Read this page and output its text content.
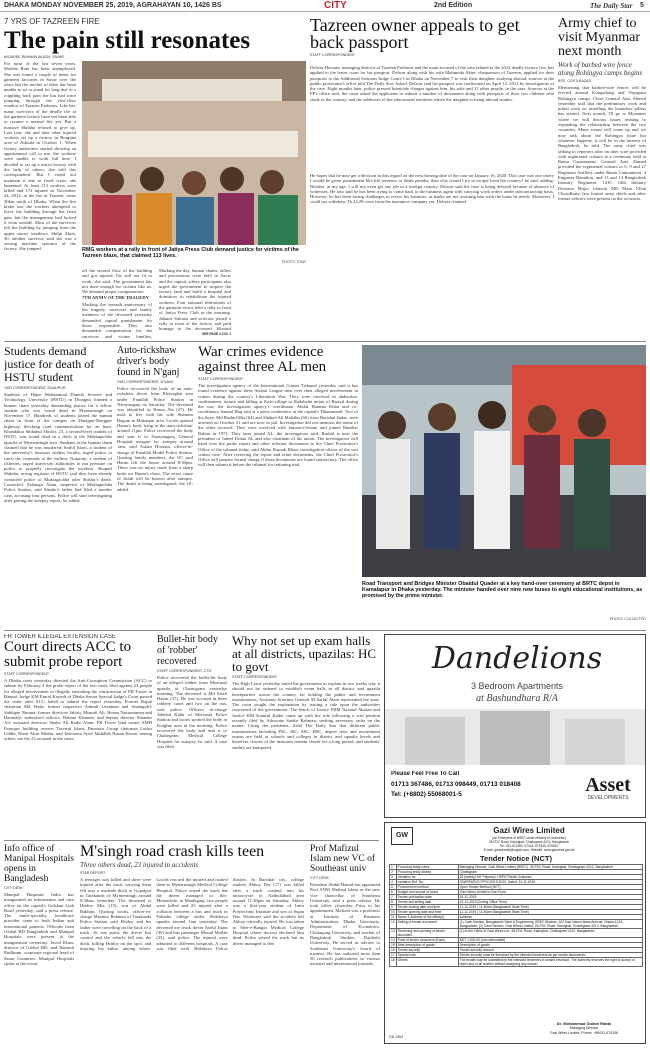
DHAKA MONDAY NOVEMBER 25, 2019, AGRAHAYAN 10, 1426 BS	CITY	2nd Edition	The Daily Star 5
7 YRS OF TAZREEN FIRE
The pain still resonates
ANJAREE RAHMAN AKASH, SAVAR
For most of the last seven years, Shobha Rani has been unemployed. She was found a couple of times for garment factories in Savar over the years but the mother of three has been unable to sit or stand for long due to a crippling back pain she has had since jumping through the first-floor window of Tazreen Fashions. Like her, many survivors of the deadly fire at the garment factory have not been able to resume a normal life yet. But a massive Shobha refused to give up. Last year, she and nine other injured workers set up a factory in Borguna area of Ashulia in October 1. When factory authorities started showing an appointment call to me, the workers were unable to work full time. I decided to set up a micro-factory with the help of others, she told this correspondent. But I could not maintain it due to fixed crisis, she lamented. At least 113 workers were killed and 172 injured on November 24, 2012, in the fire at Tazreen, some 30km north of Dhaka. When the fire broke out, the workers attempted to leave the building through the front gate, but the management had locked it from outside. Most of the survivors left the building by jumping from the upper storey windows. Shilpi Akter, 30, another survivor, said she was a sewing machine operator of the factory. She jumped	RMG workers at a rally in front of Jatiya Press Club demand justice for victims of the Tazreen blaze, that claimed 113 lives.
PHOTO: STAR
off the second floor of the building and got injured. I'm still not fit to work, she said. The government has not done enough for victims like us. We demand proper compensation.
7TH ANNIV OF THE TRAGEDY
Marking the seventh anniversary of the tragedy, survivors and family members of the deceased yesterday demanded capital punishment for those responsible. They also demanded compensation for the survivors and victim families,
Marking the day, human chains, rallies and processions were held in Savar and the capital, where participants also urged the government to acquire the factory land and build a hospital and dormitory to rehabilitate the injured workers. Four national federations of the garment sector held a rally in front of Jatiya Press Club in the morning. Jahanir Sultana and activists joined a rally in front of the factory and paid homage to the deceased. Khairul
SEE PAGE 2 COL 1
Tazreen owner appeals to get back passport
STAFF CORRESPONDENT
Delwar Hossain, managing director of Tazreen Fashions and the main accused of the case related to the 2012 deadly factory fire, has applied to the lower court for his passport. Delwar along with his wife Mahmuda Akter, chairperson of Tazreen, applied for their passports to the Additional Sessions Judge Court-1 in Dhaka on November 7 to visit their daughter studying abroad, sources at the public prosecutor's office told The Daily Star. Asked, Delwar said his passport was confiscated on April 12, 2013 by investigators of the case. Eight months later, police pressed homicide charges against him, his wife and 11 other people, in the case. Sources at the PP's office said, the court asked the applicants to submit a number of documents along with passports of their two children who study in the country, and the addresses of the educational institutes where the daughter is being abroad studies.
He hopes that he may get a decision in this regard on the next hearing date of the case on January 16, 2020. This case was one where I would be given punishment like life sentence or death penalty, then why would I try to escape from the country? he said, adding: Besides, at my age, I will not even get any job in a foreign country. Delwar said the case is being delayed because of absence of witnesses. He also said he has been trying to come back to the business again with carrying work orders under subcontracting basis. However, he has been facing challenges to revive his business, as banks are not assisting him with the loans he needs. Moreover, I could not withdraw Tk 24.28 crore from the insurance company yet, Delwar claimed.
Army chief to visit Myanmar next month
Work of barbed wire fence along Rohingya camps begins
BSS, COX'S BAZAR
Mentioning that barbed-wire fences will be erected around Kutupalong and Nayapara Rohingya camps, Chief General Aziz Ahmed yesterday said that the preliminary work and initial work on installing the boundary pillars has started. Next month, I'll go to Myanmar where we will discuss issues relating to expanding the relationship between the two countries. Many issues will come up and we may talk about the Rohingya issue but whatever happens, it will be in the interest of Bangladesh, he said. The army chief was talking to reporters after an inter wire provided with regimental colours at a ceremony held at Ramu Cantonment. General Aziz Ahmed provided the regimental colours to 6, 9 and 27 Regiment Artillery under Ramu Cantonment, 4 Engineer Battalion, and 13 and 14 Bangladesh Infantry Regiment. GOC 10th Infantry Division Major General MD Main Ullah Chowdhury, five former army chiefs and other former officers were present on the occasion.
Students demand justice for death of HSTU student
OUR CORRESPONDENT, DINAJPUR
Students of Hajee Mohammad Danesh Science and Technology University (HSTU) in Dinajpur formed a human chain yesterday demanding justice for a fellow student who was found dead in Mymensingh on November 17. Hundreds of students joined the human chain in front of the campus on Dinajpur-Rangpur highway, blocking road communication for an hour. Khandakar Shihabul Shishir, 23, a second-level student of HSTU, was found dead in a ditch at the Muktagachha upazila of Mymensingh area. Students at the human chain claimed that he was murdered. Saiful Islam, a student of the university's business studies faculty, urged police to catch the criminals at the earliest. Nutaroni, a student of fisheries, urged university authorities to put pressure on police to properly investigate the incident. Shopnil Shikdar, acting registrar of HSTU said they have already contacted police of Muktagachha after Shishir's death. Contacted, Zahangir Alam, inspector of Muktagachha Police Station, said Shishir's father had filed a murder case, accusing four persons. Police will start investigating after getting the autopsy report, he added.
Auto-rickshaw driver's body found in N'ganj
OUR CORRESPONDENT, N'GANJ
Police recovered the body of an auto-rickshaw driver from Khayaghat area under Fatullah Police Station in Narayanganj on Saturday. The deceased was identified as Harun Ala (27). He used to live with his wife Shamim Begum in Mukarpur area. Locals spotted Harun's body lying in the auto-rickshaw around 11pm. Police recovered the body and sent it to Narayanganj General Hospital morgue for autopsy around 1am, said Aslam Hossain, officer-in-charge of Fatullah Model Police Station. Quoting family members, the OC said Harun left the house around 8:30pm. There was no injury mark from a sharp knife on Harun's chest. The exact cause of death will be known after autopsy. The death is being investigated, the OC added.
War crimes evidence against three AL men
STAFF CORRESPONDENT
The investigation agency of the International Crimes Tribunal yesterday said it has found evidence against three Awami League men over their alleged involvement in crimes during the country's Liberation War. They were involved in abduction, confinement, torture and killing at Kala village in Jhalokathi union of Barisal during the war, the investigation agency's coordinator Abdul Hannan Khan and co-coordinator Sanaul Haq said at a press conference at the capital's Dhanmondi. Two of the three, Md Rashid Mia (64) and Shahed Ali Malidha (66) from Barishal Sadar, were arrested on October 21 and are now in jail. Investigation did not mention the name of the other accused. They were involved with Jamaat-e-Islami and joined Razakar Bahini in 1971. They later joined AL, the investigators said. Rashid is now the president of Jaheel Dulan AL and also chairman of the union. The investigators will hand over the probe report and other relevant documents to the Chief Prosecutor's Office of the tribunal today, said Abdur Razzak Khan, investigation officer of the war crimes case. After receiving the report and other documents, the Chief Prosecutor's Office will prepare formal charge if those documents are found satisfactory. The office will then submit it before the tribunal for initiating trial.
Road Transport and Bridges Minister Obaidul Quader at a key hand-over ceremony at BRTC depot in Kamalapur in Dhaka yesterday. The minister handed over nine new buses to eight educational institutions, as promised by the prime minister.
PHOTO: COLLECTED
FR TOWER ILLEGAL EXTENSION CASE
Court directs ACC to submit probe report
STAFF CORRESPONDENT
A Dhaka court yesterday directed the Anti-Corruption Commission (ACC) to submit by February 4 the probe report of the two cases filed against 23 people for alleged involvement in illegally extending the construction of FR Tower in Banani. Judge KM Emrul Kayesh of Dhaka Senior Special Judge's Court passed the order after ACC failed to submit the report yesterday. Former Rajuk chairman Md Huda; former inspectors Aahsah Uzzaman and Anamgolil; Siddique Nurana, former directors Jahiru, Mustafi Ali, Hosen Nuruzzaman and Haomafy; authorised officers, Rubina Khanam, and deputy director Shandar Ali; assistant directors Shahz Ali Kadir Alam; FR Tower land owner SMH Faruque; building owners Tasvirul Islam, Pamoura Group chairman Lutfur Uddin, Khair Alias Miditu, and Tasloonra Syed Abdullah Husan Hasan, among others, are the 23 accused in the cases.
Bullet-hit body of 'robber' recovered
STAFF CORRESPONDENT, CTG
Police recovered the bullet-hit body of an alleged robber from Meorasai upazila of Chattogram yesterday morning. The deceased is Md Saied Hasan (37). He was accused in three robbery cases and two on the run, said police. Officers in-charge Jahedul Kabir of Meorasai Police Station and locals spotted the body at Kolghar area in the morning. Police recovered the body and sent it to Chattogram Medical College Hospital for autopsy, he said. A case was filed.
Why not set up exam halls at all districts, upazilas: HC to govt
STAFF CORRESPONDENT
The High Court yesterday asked the government to explain in two weeks why it should not be ordered to establish exam halls in all district and upazila headquarters across the country for holding the public and recruitment examinations. Assistant Attorney General M Saiful Alam represented the state. The court sought the explanation by issuing a rule upon the authorities concerned of the government. The bench of Justice FRM Nazmul Ahasan and Justice KM Kamrul Kader came up with the rule following a writ petition recently filed by Advocate Saidur Rahman, seeking necessary order on the matter. Citing the problems, Zalal The Daily Star that different public examinations including PSC, JSC, SSC, HSC, degree tests and recruitment exams are held at schools and colleges in district and upazila levels and therefore classes of the institutes remain closed for a long period, and students' studies are hampered.
Dandelions
3 Bedroom Apartments
at Bashundhara R/A
Please Feel Free To Call
01713 367486, 01713 098449, 01713 018408
Tel: (+8802) 55068001-5	Asset
DEVELOPMENTS
Info office of Manipal Hospitals opens in Bangladesh
CITY DESK
Manipal Hospitals India has inaugurated its information and care office on the capital's Gulshan Link Road yesterday, said a press release. The multi-specialty healthcare provider came to both Indian and international patients. Officials from Global BD Bangladesh and Manipal Hospitals were present at the inauguration ceremony. Javed Khan, director of Global BD, and Ramesh Rudhrum, corporate regional head of Saaru Countries, Manipal Hospitals spoke at the event.
M'singh road crash kills teen
Three others dead, 23 injured in accidents
STAR REPORT
A teenager was killed and three were injured after the truck carrying them fell into a roadside ditch at Gopalpur in Tarakanda of Mymensingh around 9:30am yesterday. The deceased is Hridoy Mia (15), son of Abdul Rakhim. Quoting locals, officer-in-charge Mizanur Rahman of Tarakanda Police Station said Hridoy and his father were travelling on the back of a truck. At one point, the driver lost control and the vehicle fell into the ditch, killing Hridoy on the spot, and injuring his father, among others. Locals rescued the injured and rushed them to Mymensingh Medical College Hospital. Police seized the truck but the driver managed to flee. Meanwhile, in Manikganj, two people were killed and 23 injured after a collision between a bus and truck in Faliadia village under Shibalaya upazila around 1am yesterday. The deceased are truck driver Saiful Islam (30) and bus passenger Masud Mallah (25), said police. The injured were admitted to different hospitals. A case was filed with Shibalaya Police Station. In Barishal city, college student Abhoy Das (17) was killed after a truck crashed into his motorcycle in Nathullabad area around 11:30pm on Saturday. Abhoy was a first-year student of Infra Polytechnic Institute and son of Sujan Das. Witnesses said the accident left Abhoy critically injured. He was taken to Sher-e-Bangla Medical College Hospital where doctors declared him dead. Police seized the truck but its driver managed to flee.
Prof Mafizul Islam new VC of Southeast univ
CITY DESK
President Abdul Hamid has appointed Prof ANM Mafizul Islam as the new vice chancellor of Southeast University, said a press release. He took office yesterday. Prior to his appointment, Mafizul was a professor at Institute of Business Administration, Dhaka University, Department of Economics, Chittagong University, and teacher of Bangladesh Studies, Rajshahi University. He served as adviser to Southeast University's board of trustees. He has authored more than 50 research publications in various national and international journals.
GW
Gazi Wires Limited
(An Enterprise of BSEC under Ministry of Industries)
28-FDC Road, Kalurghat, Chattogram-4212, Bangladesh
Tel: 031-671460, 67344, 673345, 670810
E-mail: gazwireslid@ctgnet.com, Website: www.gazwires.gov.bd
Tender Notice (NCT)
1	Procuring entity name	Managing Director, Gazi Wires Limited (BSEC), 28-FDC Road, Kalurghat, Chattogram-4212, Bangladesh
2	Procuring entity district	Chattogram
3	Invitation for	26 (twenty) MT Polyvinyl, HDPE Plastic Granules
4	Invitation Ref. No.	GWR/P&P/217/PVC/2019-2020; Dated: 24-11-2019
5	Procurement method	Open Tender Method (NCT)
6	Budget and source of funds	Gazi Wires Limited's Own Fund
7	Tender publication date	24-11-2019
8	Tender last selling date	10-12-2019 (During Office Time)
9	Tender closing date and time	11-12-2019 | 11:30am (Bangladesh State Time)
10	Tender opening date and time	11-12-2019 | 11:45am (Bangladesh State Time)
11	Name & Address of the office(s)	Address
12	Selling of tender document	(1) Cash Section, Bangladesh Steel & Engineering, BSEC Bhaban, 102 Kazi Nazrul Islam Avenue, Dhaka-1215, Bangladesh; (2) Cash Section, Gazi Wires Limited, 28-FDC Road, Kalurghat, Chattogram-4212, Bangladesh
13	Receiving and opening of tender document	(1) At the Office of Gazi Wires Ltd., 28-FDC Road, Kalurghat, Chattogram-4212, Bangladesh
14	Price of tender document (Each)	BDT 1,000.00 (non-refundable)
15	Brief description of goods	Description of goods
16	Tender security	Tender security amount
17	Special note	Tender security must be furnished by the intended tenderers as per tender documents.
18	Others	The tender may be submitted by the intended tenderers in sealed envelope. The authority reserves the right to accept or reject any or all tenders without assigning any reason.
Dr. Mohammad Golam Rabbi
Managing Director
Gazi Wires Limited, Phone: +88031-670346
GD-1904
